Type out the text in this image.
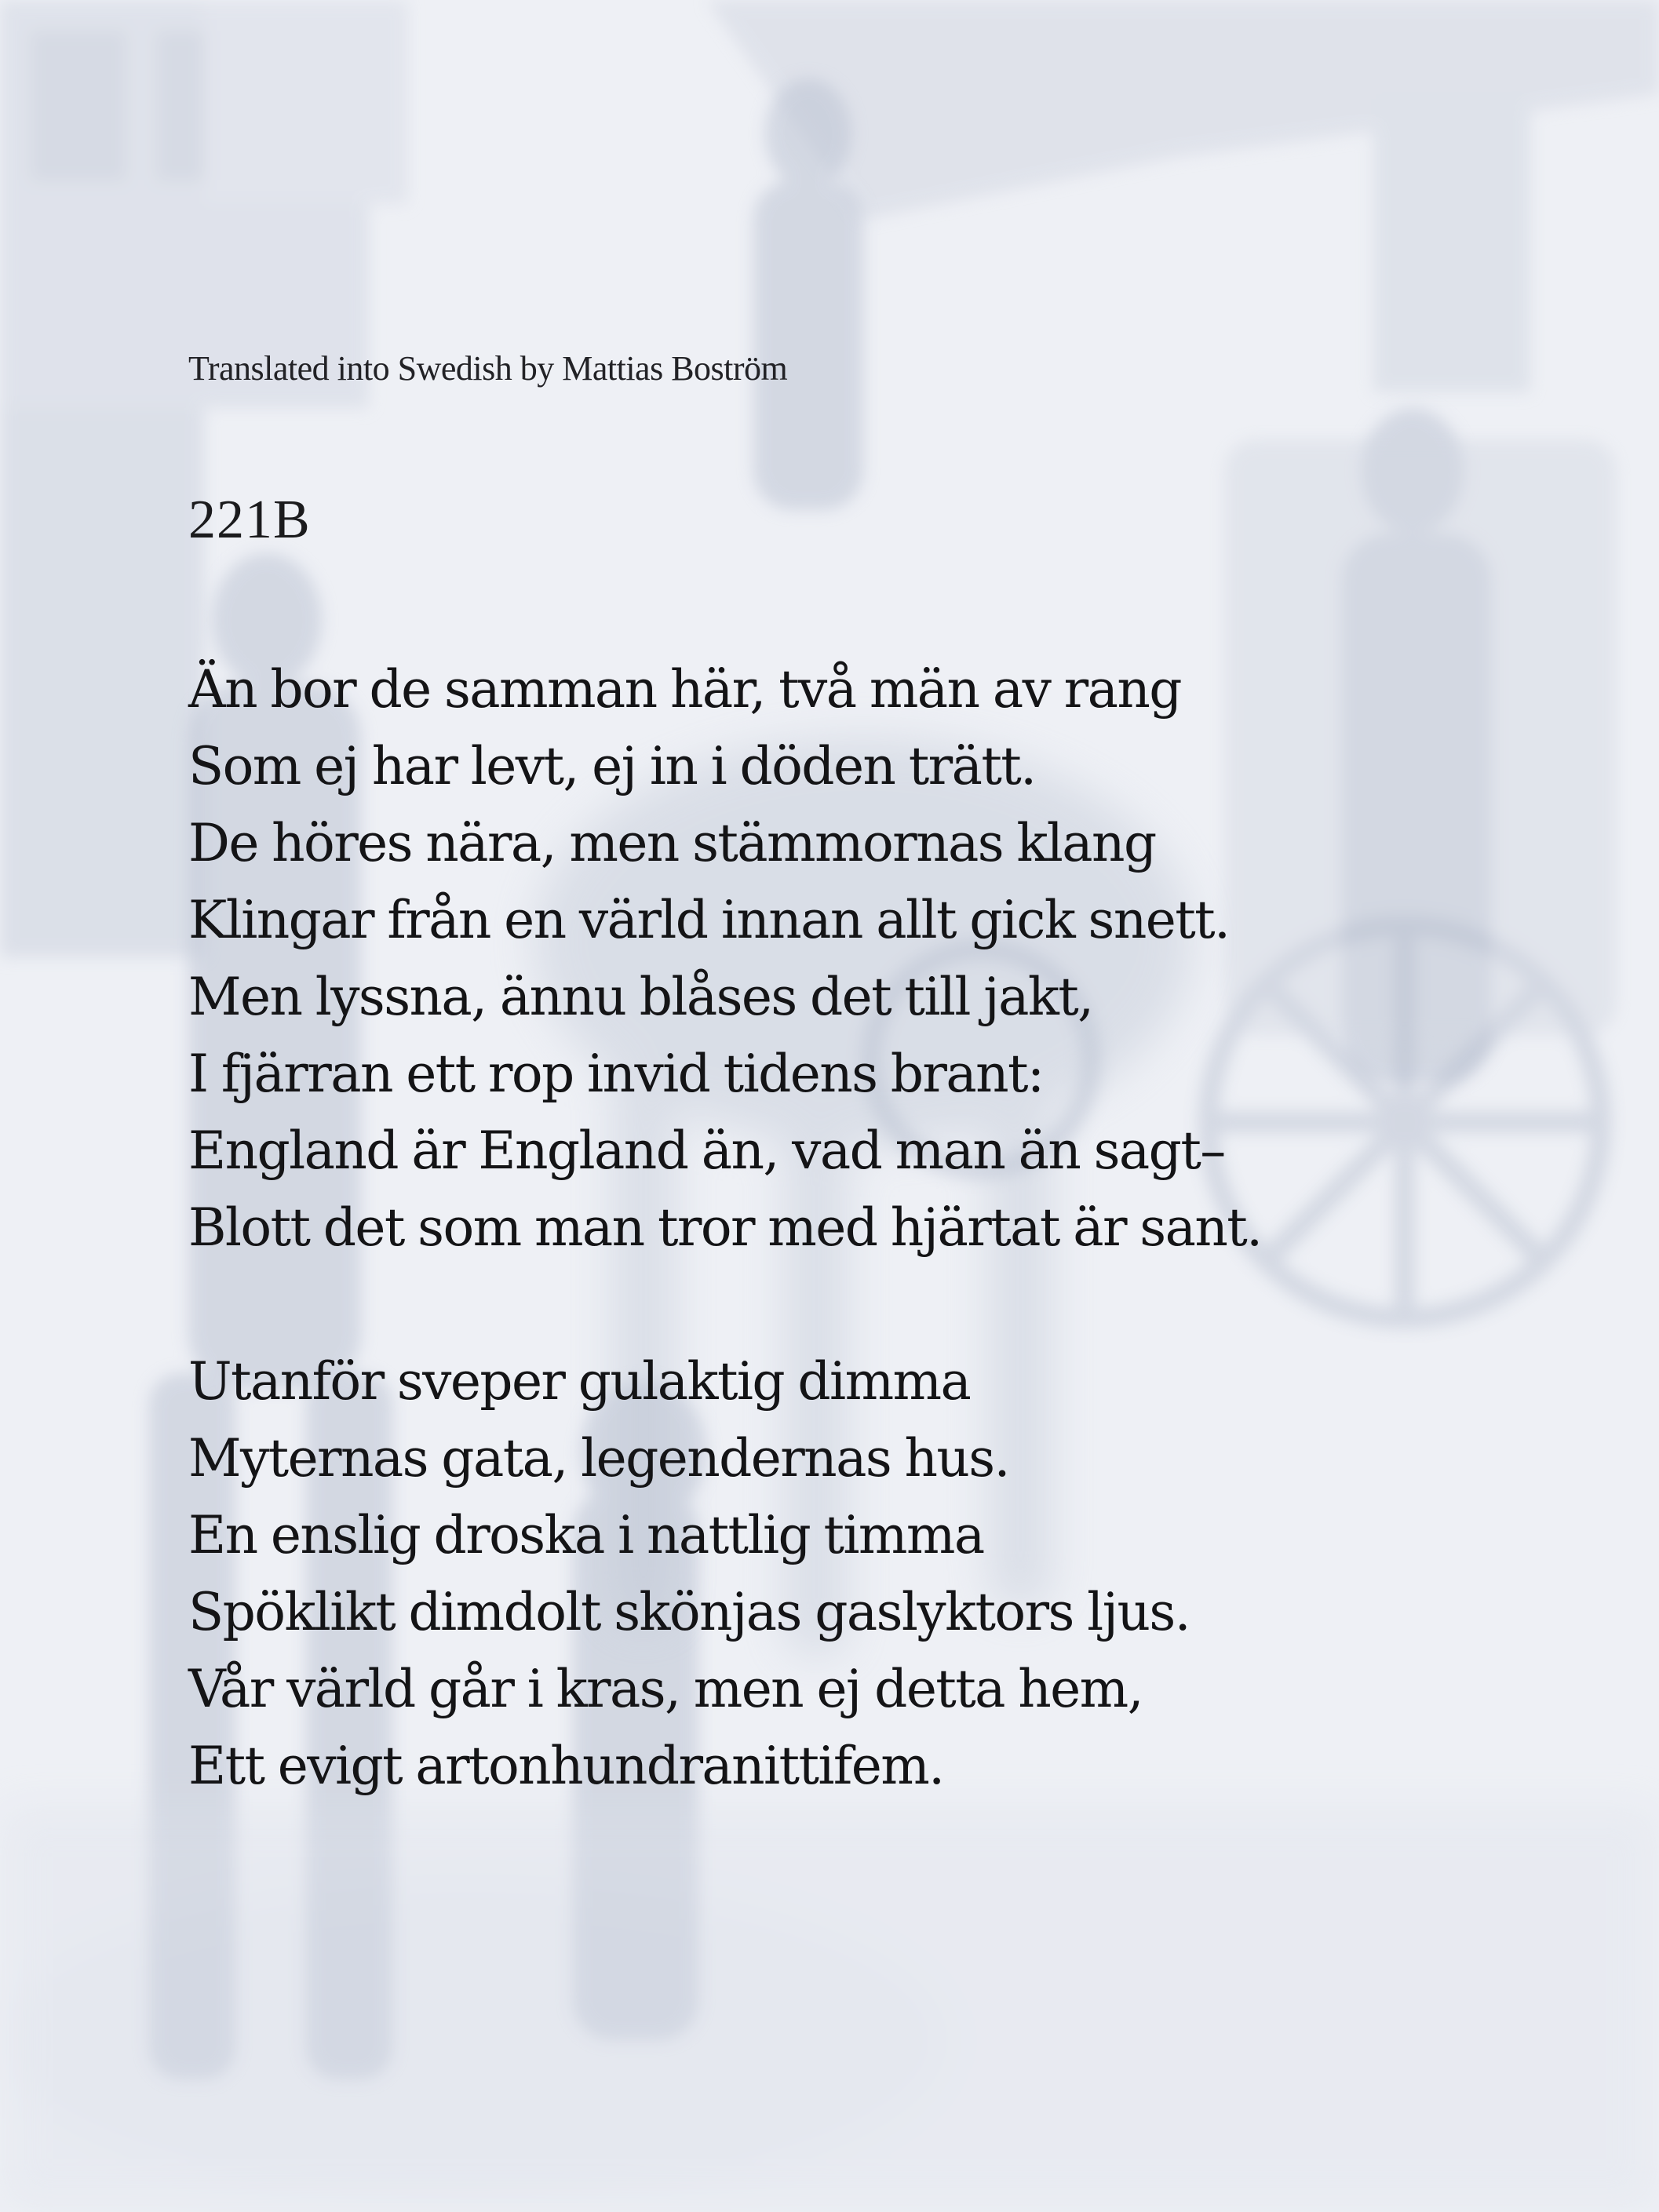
Translated into Swedish by Mattias Boström

221B
Än bor de samman här, två män av rang
Som ej har levt, ej in i döden trätt.
De höres nära, men stämmornas klang
Klingar från en värld innan allt gick snett.
Men lyssna, ännu blåses det till jakt,
I fjärran ett rop invid tidens brant:
England är England än, vad man än sagt–
Blott det som man tror med hjärtat är sant.
Utanför sveper gulaktig dimma
Myternas gata, legendernas hus.
En enslig droska i nattlig timma
Spöklikt dimdolt skönjas gaslyktors ljus.
Vår värld går i kras, men ej detta hem,
Ett evigt artonhundranittifem.
